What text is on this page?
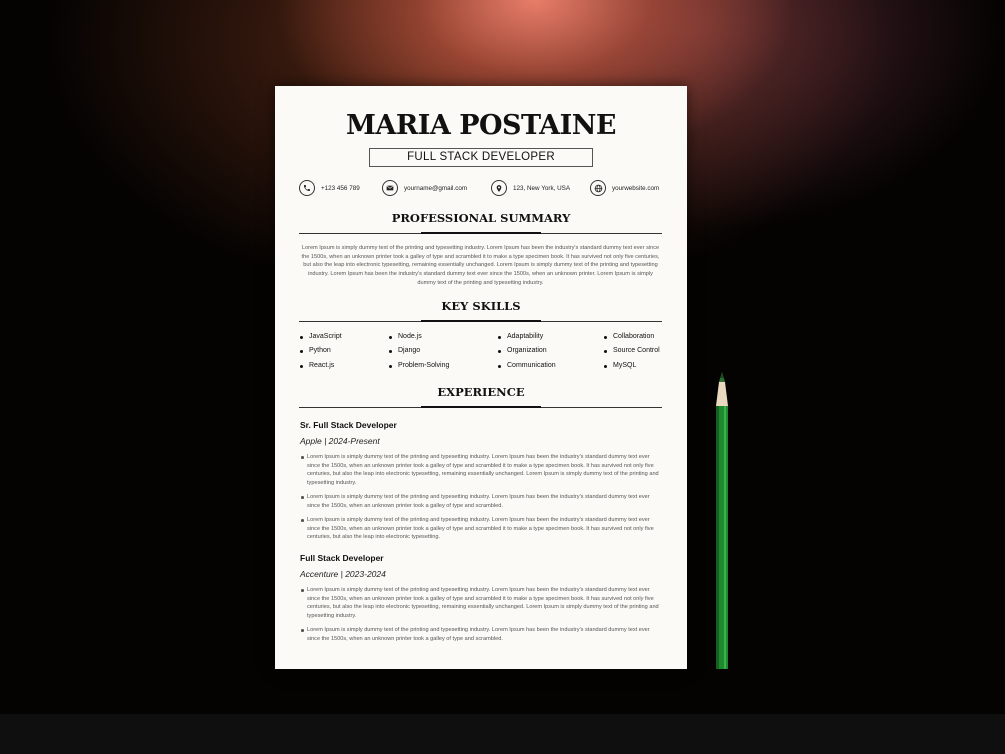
MARIA POSTAINE
FULL STACK DEVELOPER
+123 456 789	yourname@gmail.com	123, New York, USA	yourwebsite.com
PROFESSIONAL SUMMARY
Lorem Ipsum is simply dummy text of the printing and typesetting industry. Lorem Ipsum has been the industry's standard dummy text ever since the 1500s, when an unknown printer took a galley of type and scrambled it to make a type specimen book. It has survived not only five centuries, but also the leap into electronic typesetting, remaining essentially unchanged. Lorem Ipsum is simply dummy text of the printing and typesetting industry. Lorem Ipsum has been the industry's standard dummy text ever since the 1500s, when an unknown printer. Lorem Ipsum is simply dummy text of the printing and typesetting industry.
KEY SKILLS
JavaScript
Python
React.js
Node.js
Django
Problem-Solving
Adaptability
Organization
Communication
Collaboration
Source Control
MySQL
EXPERIENCE
Sr. Full Stack Developer
Apple | 2024-Present
Lorem Ipsum is simply dummy text of the printing and typesetting industry. Lorem Ipsum has been the industry's standard dummy text ever since the 1500s, when an unknown printer took a galley of type and scrambled it to make a type specimen book. It has survived not only five centuries, but also the leap into electronic typesetting, remaining essentially unchanged. Lorem Ipsum is simply dummy text of the printing and typesetting industry.
Lorem Ipsum is simply dummy text of the printing and typesetting industry. Lorem Ipsum has been the industry's standard dummy text ever since the 1500s, when an unknown printer took a galley of type and scrambled.
Lorem Ipsum is simply dummy text of the printing and typesetting industry. Lorem Ipsum has been the industry's standard dummy text ever since the 1500s, when an unknown printer took a galley of type and scrambled it to make a type specimen book. It has survived not only five centuries, but also the leap into electronic typesetting.
Full Stack Developer
Accenture | 2023-2024
Lorem Ipsum is simply dummy text of the printing and typesetting industry. Lorem Ipsum has been the industry's standard dummy text ever since the 1500s, when an unknown printer took a galley of type and scrambled it to make a type specimen book. It has survived not only five centuries, but also the leap into electronic typesetting, remaining essentially unchanged. Lorem Ipsum is simply dummy text of the printing and typesetting industry.
Lorem Ipsum is simply dummy text of the printing and typesetting industry. Lorem Ipsum has been the industry's standard dummy text ever since the 1500s, when an unknown printer took a galley of type and scrambled.
